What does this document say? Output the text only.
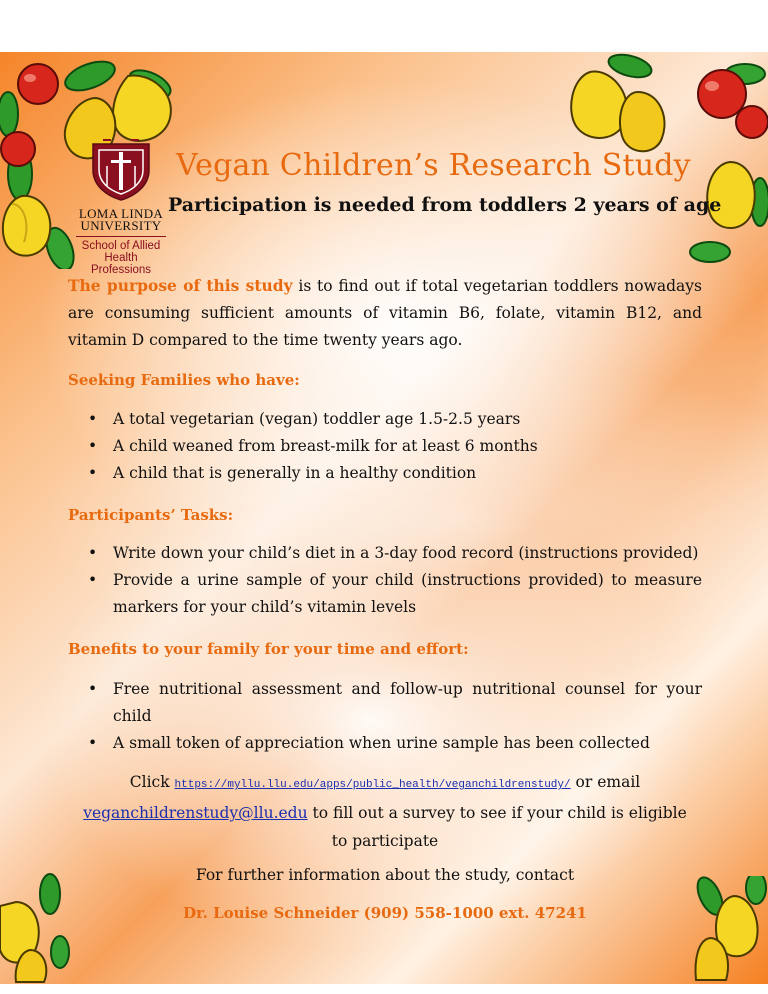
LOMA LINDA
UNIVERSITY
School of Allied
Health Professions
Vegan Children’s Research Study
Participation is needed from toddlers 2 years of age
The purpose of this study is to find out if total vegetarian toddlers nowadays are consuming sufficient amounts of vitamin B6, folate, vitamin B12, and vitamin D compared to the time twenty years ago.
Seeking Families who have:
• A total vegetarian (vegan) toddler age 1.5-2.5 years
• A child weaned from breast-milk for at least 6 months
• A child that is generally in a healthy condition
Participants’ Tasks:
• Write down your child’s diet in a 3-day food record (instructions provided)
• Provide a urine sample of your child (instructions provided) to measure markers for your child’s vitamin levels
Benefits to your family for your time and effort:
• Free nutritional assessment and follow-up nutritional counsel for your child
• A small token of appreciation when urine sample has been collected
Click https://myllu.llu.edu/apps/public_health/veganchildrenstudy/ or email
veganchildrenstudy@llu.edu to fill out a survey to see if your child is eligible
to participate
For further information about the study, contact
Dr. Louise Schneider (909) 558-1000 ext. 47241
